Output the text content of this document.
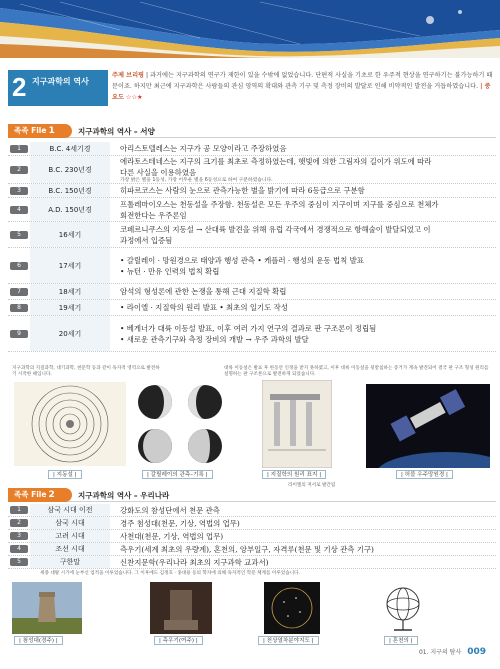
2 지구과학의 역사
주제 브리핑 | 과거에는 지구과학의 연구가 제한이 있을 수밖에 없었습니다. 단편적 사실을 기초로 한 우주적 현상을 연구하기는 불가능하기 때문이죠. 하지만 최근에 지구과학은 사람들의 관심 영역의 확대와 관측 기구 및 측정 장비의 발달로 인해 비약적인 발전을 거듭하였습니다. | 중요도 ☆☆★
족족 File 1	지구과학의 역사 – 서양
1	B.C. 4세기경	아리스토텔레스는 지구가 공 모양이라고 주장하였음
2	B.C. 230년경
에라토스테네스는 지구의 크기를 최초로 측정하였는데, 햇빛에 의한 그림자의 길이가 위도에 따라
다른 사실을 이용하였음
가장 밝은 별을 1등성, 가장 어두운 별을 6등성으로 하여 구분하였습니다.
3	B.C. 150년경	히파르코스는 사람의 눈으로 관측가능한 별을 밝기에 따라 6등급으로 구분함
4	A.D. 150년경
프톨레마이오스는 천동설을 주장함. 천동설은 모든 우주의 중심이 지구이며 지구를 중심으로 천체가
회전한다는 우주론임
5	16세기
코페르니쿠스의 지동설 → 산대륙 발견을 위해 유럽 각국에서 경쟁적으로 항해술이 발달되었고 이
과정에서 입증됨
6	17세기
• 갈릴레이 · 망원경으로 태양과 행성 관측 • 케플러 · 행성의 운동 법칙 발표
• 뉴턴 · 만유 인력의 법칙 확립
7	18세기	암석의 형성론에 관한 논쟁을 통해 근대 지질학 확립
8	19세기	• 라이엘 · 지질학의 원리 발표 • 최초의 일기도 작성
9	20세기
• 베게너가 대륙 이동설 발표, 이후 여러 가지 연구의 결과로 판 구조론이 정립됨
• 새로운 관측기구와 측정 장비의 개발 → 우주 과학의 발달
지구과학의 지질과학, 대기과학, 천문학 등과 같이 독자적 영역으로 발전하기 시작한 때입니다.
대륙 이동설은 발표 후 한동안 인정을 받지 못하였고, 이후 대륙 이동설을 뒷받침하는 증거가 계속 발견되어 결국 판 구조 형성 원리를 설명하는 판 구조론으로 발전하게 되었습니다.
| 지동설 |	| 갈릴레이의 관측–기록 |	| 지질학의 원리 표지 |
라이엘의 저서로 발간됨
| 허블 우주망원경 |
족족 File 2	지구과학의 역사 – 우리나라
1	삼국 시대 이전	강화도의 참성단에서 천문 관측
2	삼국 시대	경주 첨성대(천문, 기상, 역법의 업무)
3	고려 시대	사천대(천문, 기상, 역법의 업무)
4	조선 시대	측우기(세계 최초의 우량계), 혼천의, 앙부일구, 자격루(천문 및 기상 관측 기구)
5	구한말	신찬지문학(우리나라 최초의 지구과학 교과서)
세종 대왕 시기에 눈부신 업적을 이루었습니다. 그 이후에도 김정호 · 홍대용 등의 학자에 의해 독자적인 학문 체계를 이루었습니다.
| 첨성대(경주) |	| 측우기(여주) |	| 천상열차분야지도 |	| 혼천의 |
01. 지구의 탐사 009
